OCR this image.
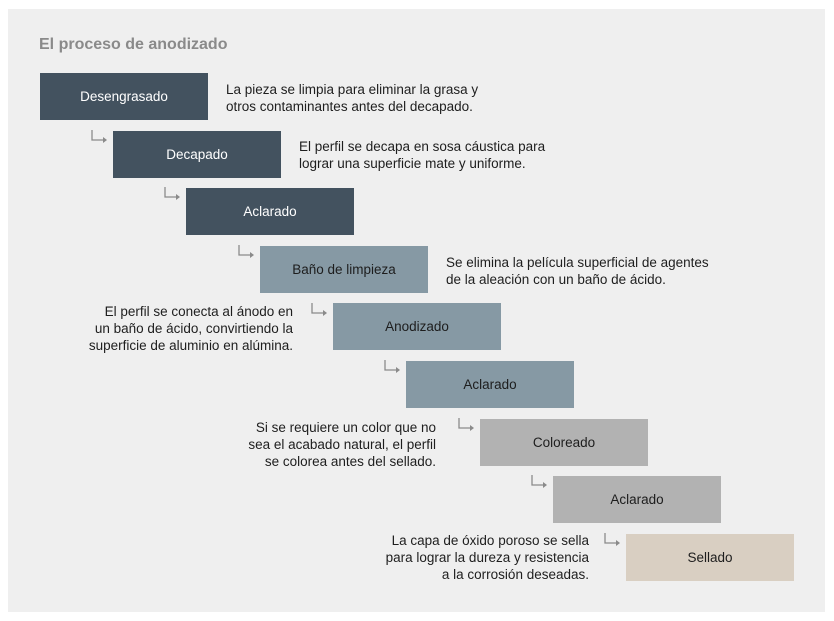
El proceso de anodizado
Desengrasado
Decapado
Aclarado
Baño de limpieza
Anodizado
Aclarado
Coloreado
Aclarado
Sellado
La pieza se limpia para eliminar la grasa y
otros contaminantes antes del decapado.
El perfil se decapa en sosa cáustica para
lograr una superficie mate y uniforme.
Se elimina la película superficial de agentes
de la aleación con un baño de ácido.
El perfil se conecta al ánodo en
un baño de ácido, convirtiendo la
superficie de aluminio en alúmina.
Si se requiere un color que no
sea el acabado natural, el perfil
se colorea antes del sellado.
La capa de óxido poroso se sella
para lograr la dureza y resistencia
a la corrosión deseadas.
